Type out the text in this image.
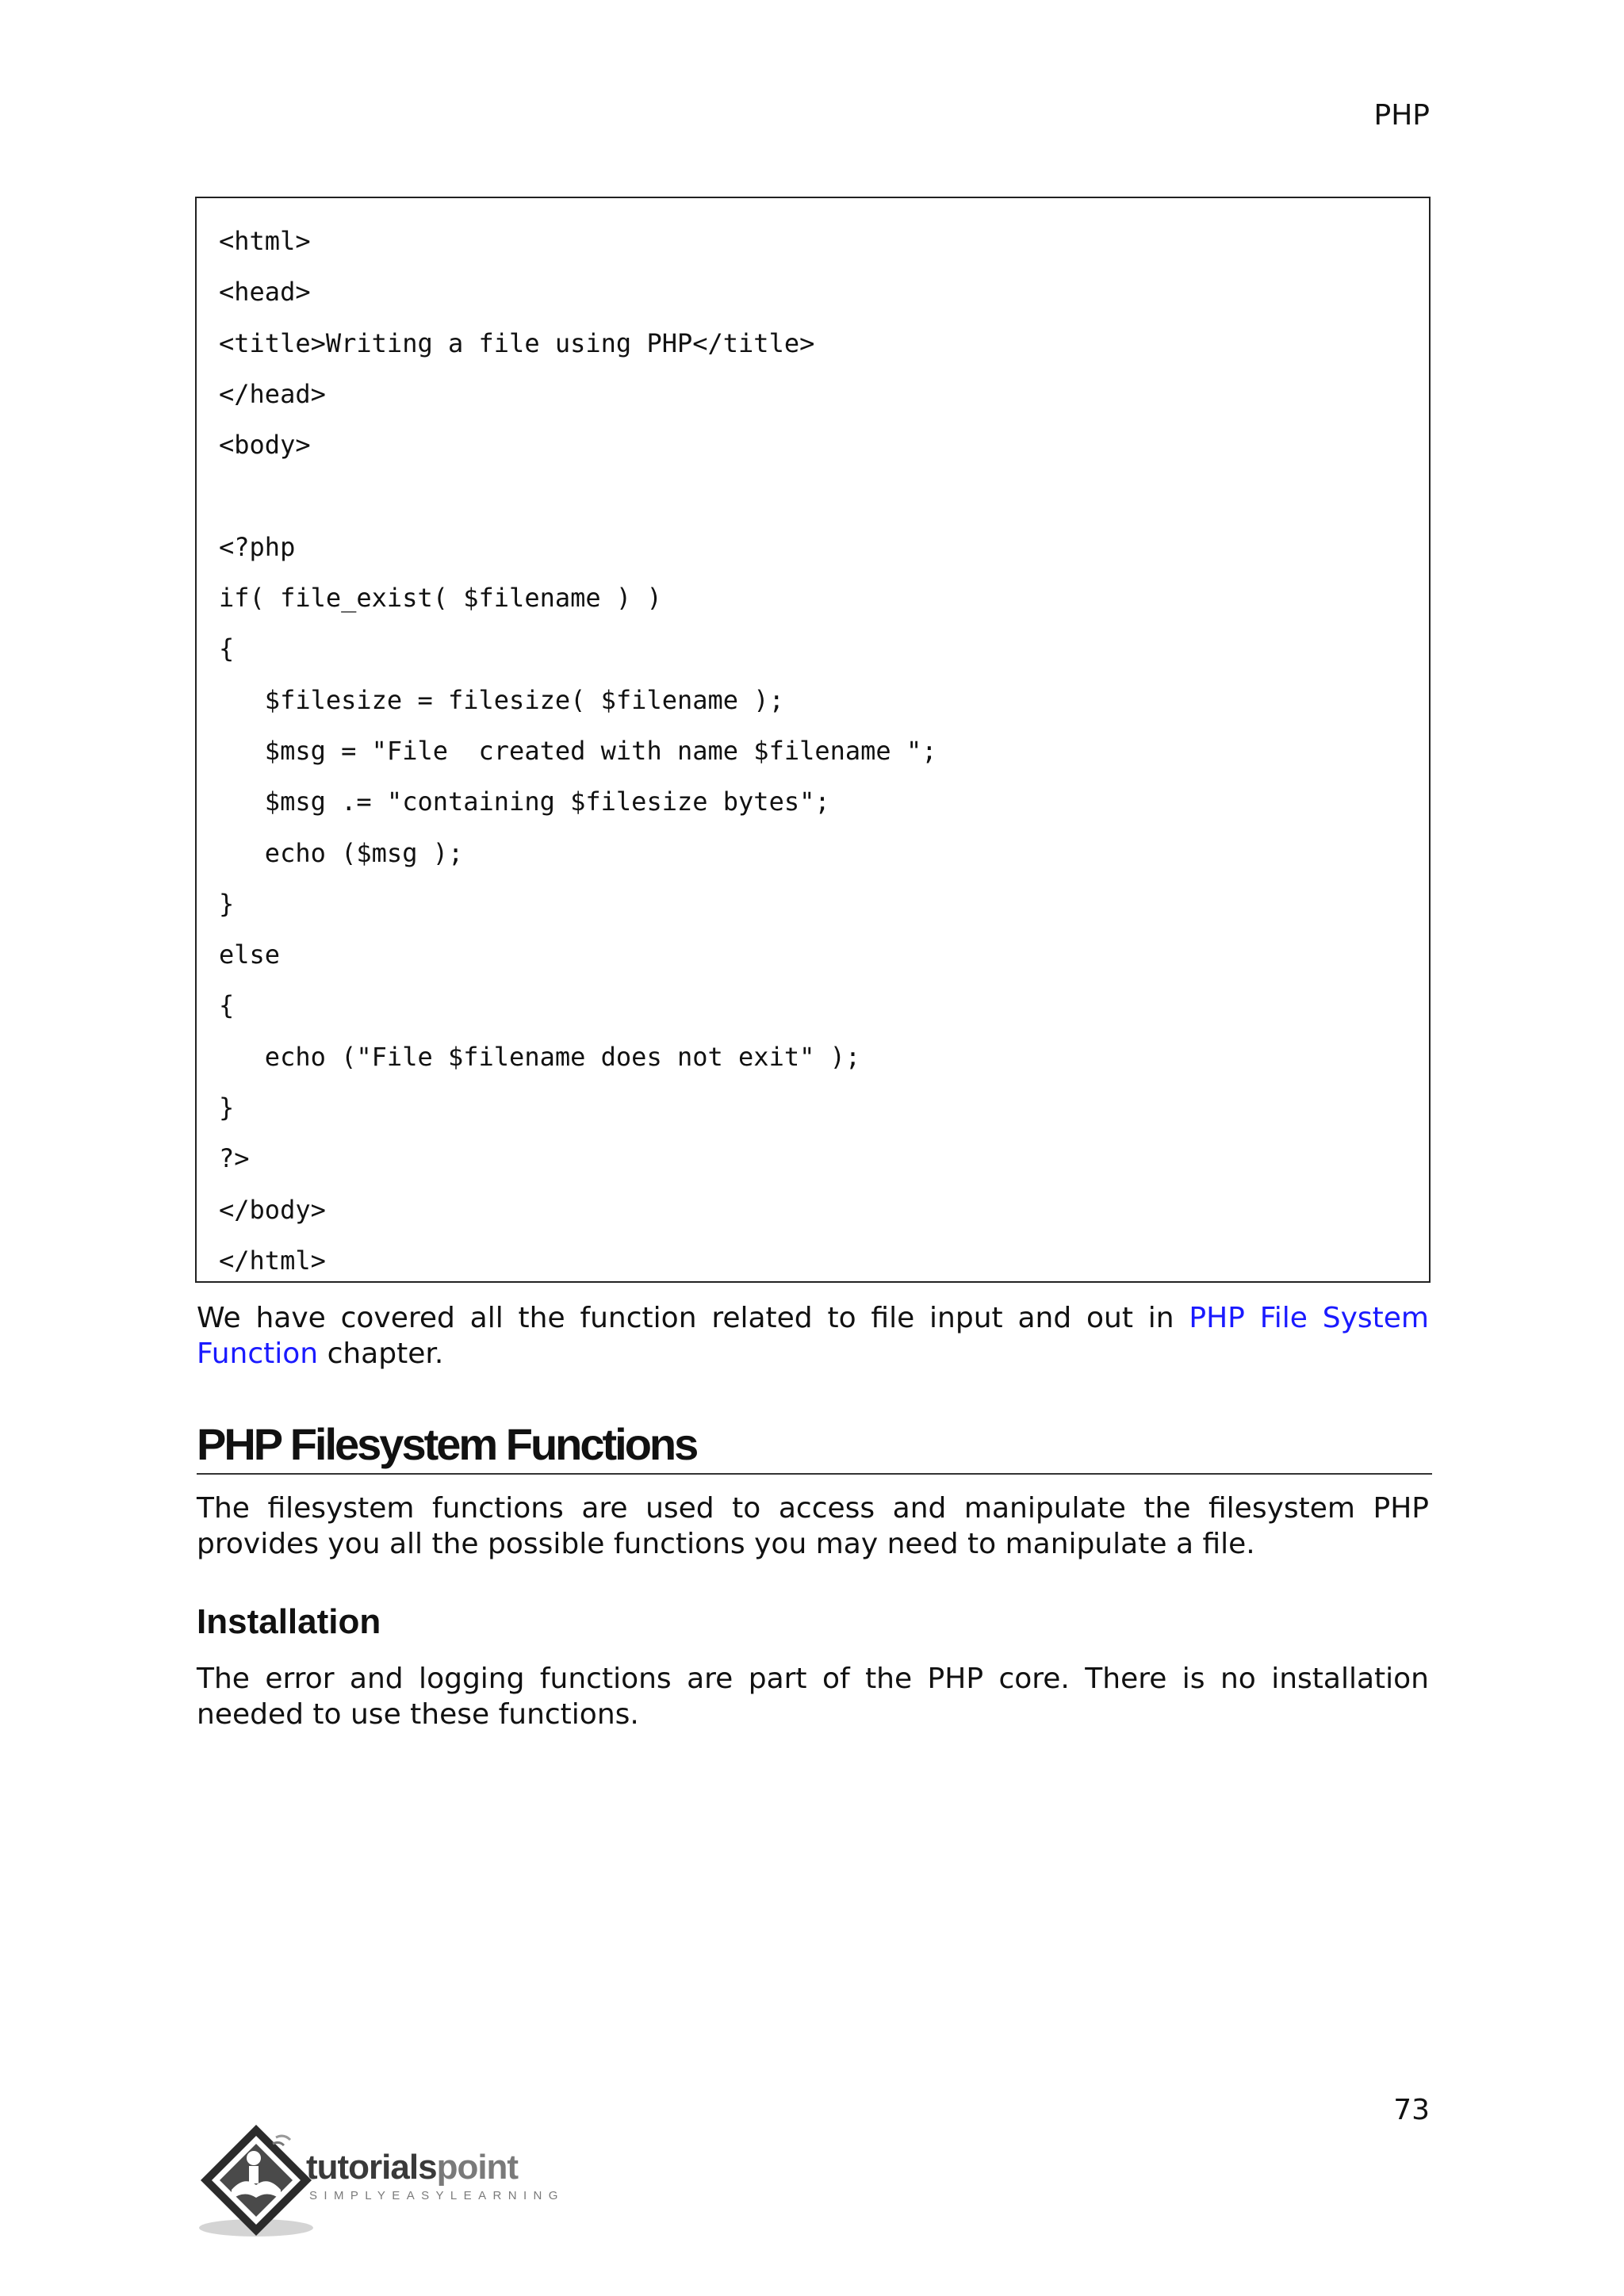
PHP
<html>
<head>
<title>Writing a file using PHP</title>
</head>
<body>
<?php
if( file_exist( $filename ) )
{
$filesize = filesize( $filename );
$msg = "File  created with name $filename ";
$msg .= "containing $filesize bytes";
echo ($msg );
}
else
{
echo ("File $filename does not exit" );
}
?>
</body>
</html>
We have covered all the function related to file input and out in PHP File System Function chapter.
PHP Filesystem Functions
The filesystem functions are used to access and manipulate the filesystem PHP provides you all the possible functions you may need to manipulate a file.
Installation
The error and logging functions are part of the PHP core. There is no installation needed to use these functions.
73
tutorialspoint
SIMPLYEASYLEARNING
